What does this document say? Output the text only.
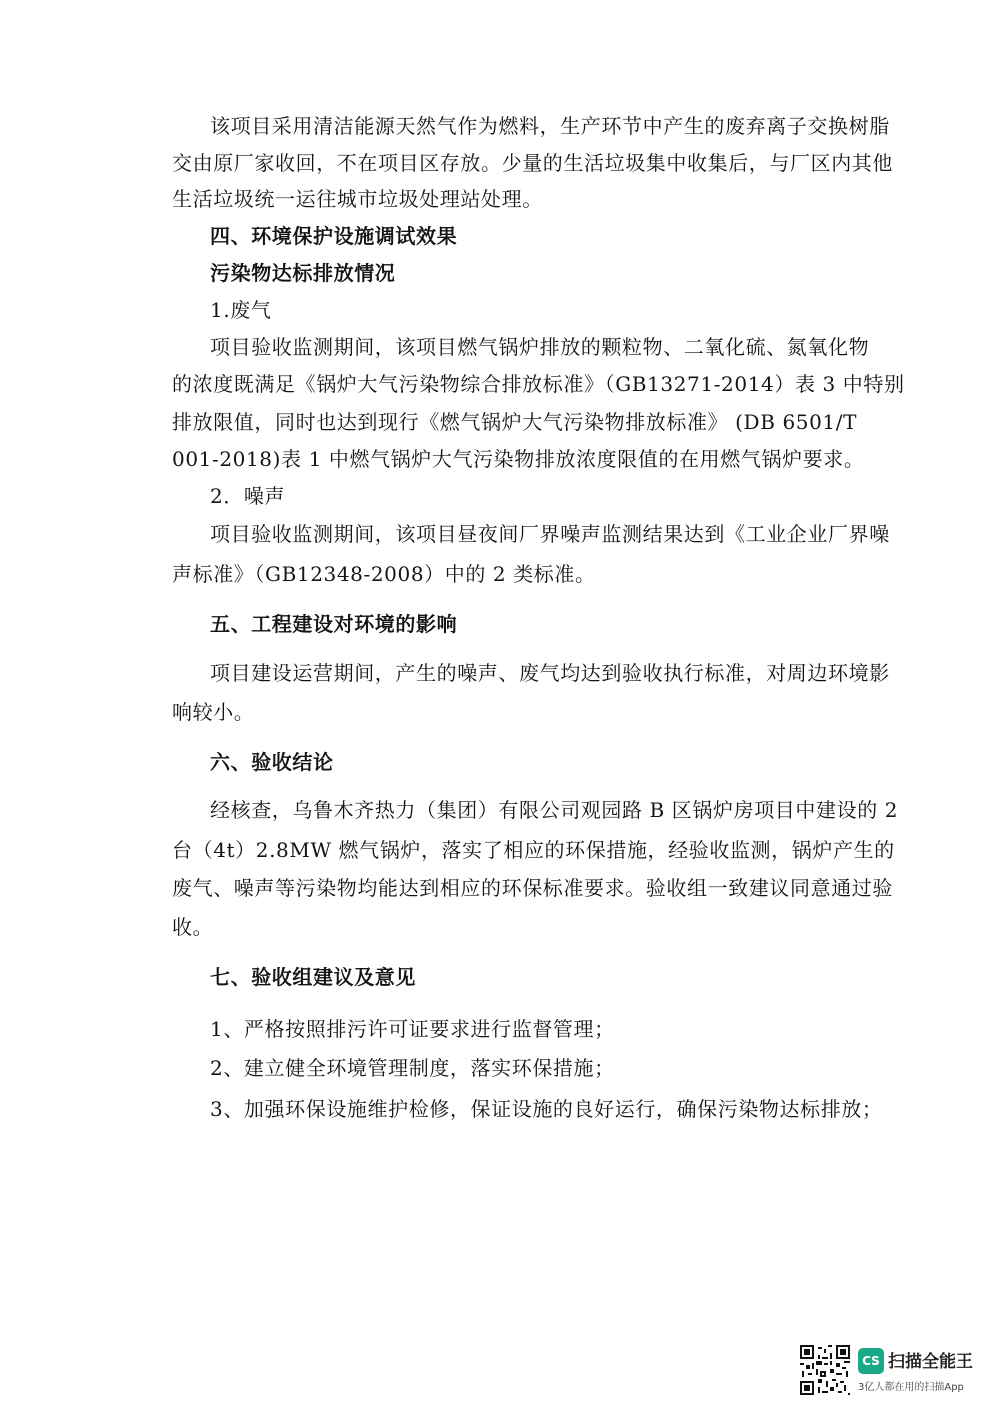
该项目采用清洁能源天然气作为燃料，生产环节中产生的废弃离子交换树脂
交由原厂家收回，不在项目区存放。少量的生活垃圾集中收集后，与厂区内其他
生活垃圾统一运往城市垃圾处理站处理。
四、环境保护设施调试效果
污染物达标排放情况
1.废气
项目验收监测期间，该项目燃气锅炉排放的颗粒物、二氧化硫、氮氧化物
的浓度既满足《锅炉大气污染物综合排放标准》（GB13271-2014）表 3 中特别
排放限值，同时也达到现行《燃气锅炉大气污染物排放标准》 (DB 6501/T
001-2018)表 1 中燃气锅炉大气污染物排放浓度限值的在用燃气锅炉要求。
2．噪声
项目验收监测期间，该项目昼夜间厂界噪声监测结果达到《工业企业厂界噪
声标准》（GB12348-2008）中的 2 类标准。
五、工程建设对环境的影响
项目建设运营期间，产生的噪声、废气均达到验收执行标准，对周边环境影
响较小。
六、验收结论
经核查，乌鲁木齐热力（集团）有限公司观园路 B 区锅炉房项目中建设的 2
台（4t）2.8MW 燃气锅炉，落实了相应的环保措施，经验收监测，锅炉产生的
废气、噪声等污染物均能达到相应的环保标准要求。验收组一致建议同意通过验
收。
七、验收组建议及意见
1、严格按照排污许可证要求进行监督管理；
2、建立健全环境管理制度，落实环保措施；
3、加强环保设施维护检修，保证设施的良好运行，确保污染物达标排放；
CS 扫描全能王
3亿人都在用的扫描App
